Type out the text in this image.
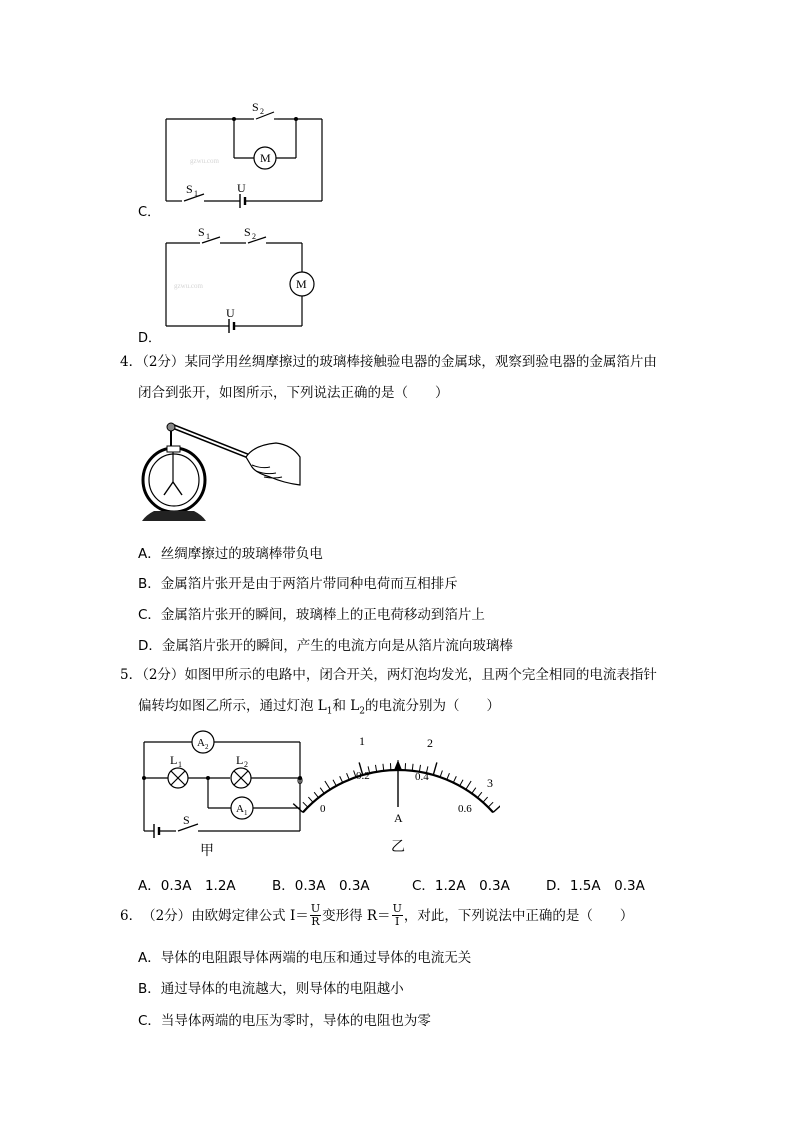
C．
S 2
M
S 1	U
gzwu.com
D．
S 1	S 2
M
U
gzwu.com
4．（2分）某同学用丝绸摩擦过的玻璃棒接触验电器的金属球，观察到验电器的金属箔片由
闭合到张开，如图所示，下列说法正确的是（　　）
A．丝绸摩擦过的玻璃棒带负电
B．金属箔片张开是由于两箔片带同种电荷而互相排斥
C．金属箔片张开的瞬间，玻璃棒上的正电荷移动到箔片上
D．金属箔片张开的瞬间，产生的电流方向是从箔片流向玻璃棒
5．（2分）如图甲所示的电路中，闭合开关，两灯泡均发光，且两个完全相同的电流表指针
偏转均如图乙所示，通过灯泡 $L_1$和 $L_2$的电流分别为（　　）
A 2
A 1
L 1	L 2
S
甲
0
1	2
3
0
0.2	0.4
0.6
A
乙
A．0.3A　1.2A	B．0.3A　0.3A	C．1.2A　0.3A	D．1.5A　0.3A
6． （2分） 由欧姆定律公式 $I= \frac{U}{R}$ 变形得 $R= \frac{U}{I}$ ，对此，下列说法中正确的是（　　）
A．导体的电阻跟导体两端的电压和通过导体的电流无关
B．通过导体的电流越大，则导体的电阻越小
C．当导体两端的电压为零时，导体的电阻也为零
